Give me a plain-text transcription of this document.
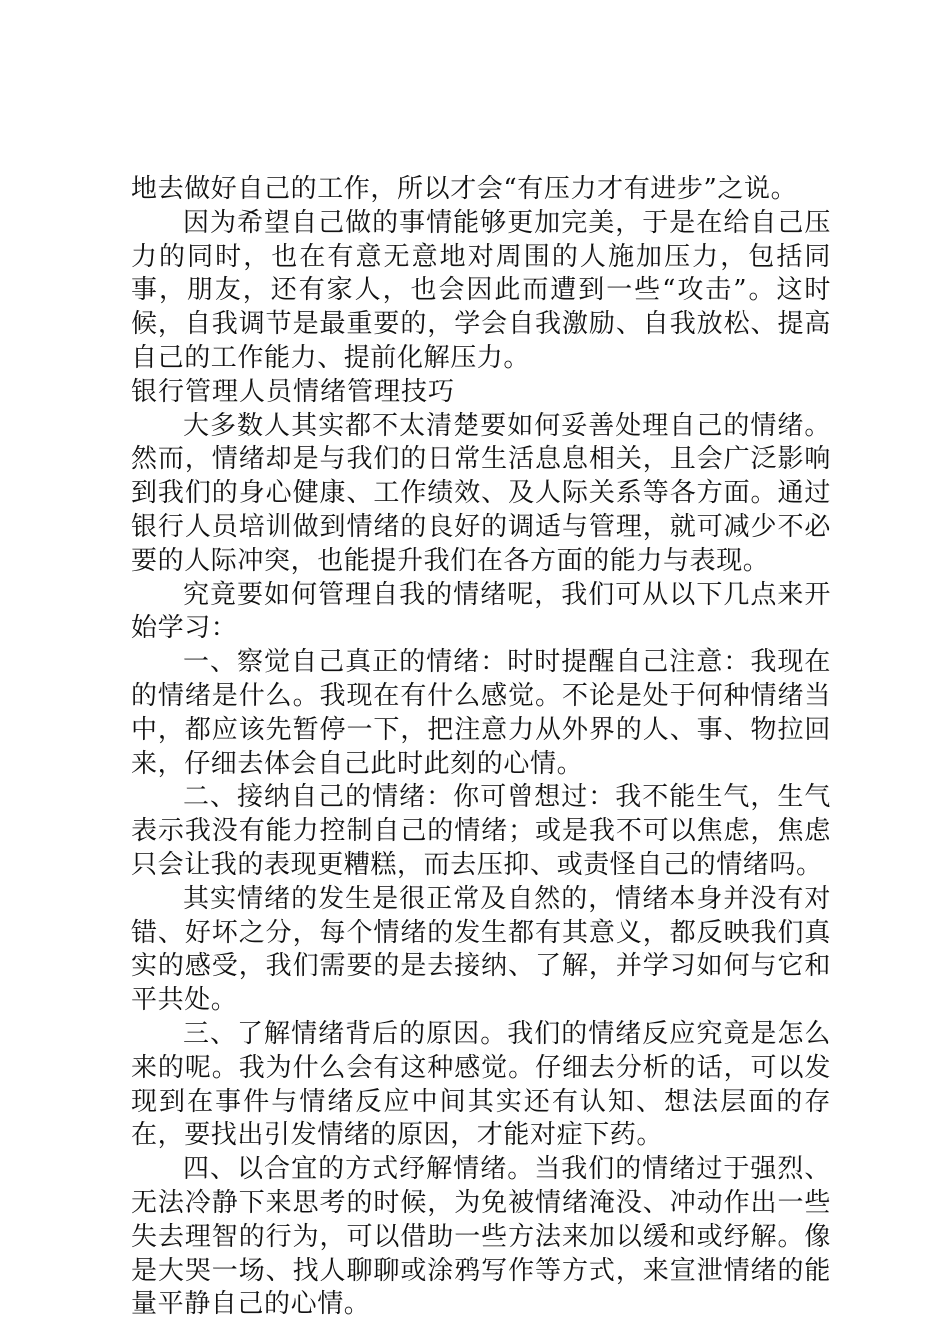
地去做好自己的工作，所以才会“有压力才有进步”之说。

因为希望自己做的事情能够更加完美，于是在给自己压力的同时，也在有意无意地对周围的人施加压力，包括同事，朋友，还有家人，也会因此而遭到一些“攻击”。这时候，自我调节是最重要的，学会自我激励、自我放松、提高自己的工作能力、提前化解压力。

银行管理人员情绪管理技巧

大多数人其实都不太清楚要如何妥善处理自己的情绪。然而，情绪却是与我们的日常生活息息相关，且会广泛影响到我们的身心健康、工作绩效、及人际关系等各方面。通过银行人员培训做到情绪的良好的调适与管理，就可减少不必要的人际冲突，也能提升我们在各方面的能力与表现。

究竟要如何管理自我的情绪呢，我们可从以下几点来开始学习：

一、察觉自己真正的情绪：时时提醒自己注意：我现在的情绪是什么。我现在有什么感觉。不论是处于何种情绪当中，都应该先暂停一下，把注意力从外界的人、事、物拉回来，仔细去体会自己此时此刻的心情。

二、接纳自己的情绪：你可曾想过：我不能生气，生气表示我没有能力控制自己的情绪；或是我不可以焦虑，焦虑只会让我的表现更糟糕，而去压抑、或责怪自己的情绪吗。

其实情绪的发生是很正常及自然的，情绪本身并没有对错、好坏之分，每个情绪的发生都有其意义，都反映我们真实的感受，我们需要的是去接纳、了解，并学习如何与它和平共处。

三、了解情绪背后的原因。我们的情绪反应究竟是怎么来的呢。我为什么会有这种感觉。仔细去分析的话，可以发现到在事件与情绪反应中间其实还有认知、想法层面的存在，要找出引发情绪的原因，才能对症下药。

四、以合宜的方式纾解情绪。当我们的情绪过于强烈、无法冷静下来思考的时候，为免被情绪淹没、冲动作出一些失去理智的行为，可以借助一些方法来加以缓和或纾解。像是大哭一场、找人聊聊或涂鸦写作等方式，来宣泄情绪的能量平静自己的心情。
